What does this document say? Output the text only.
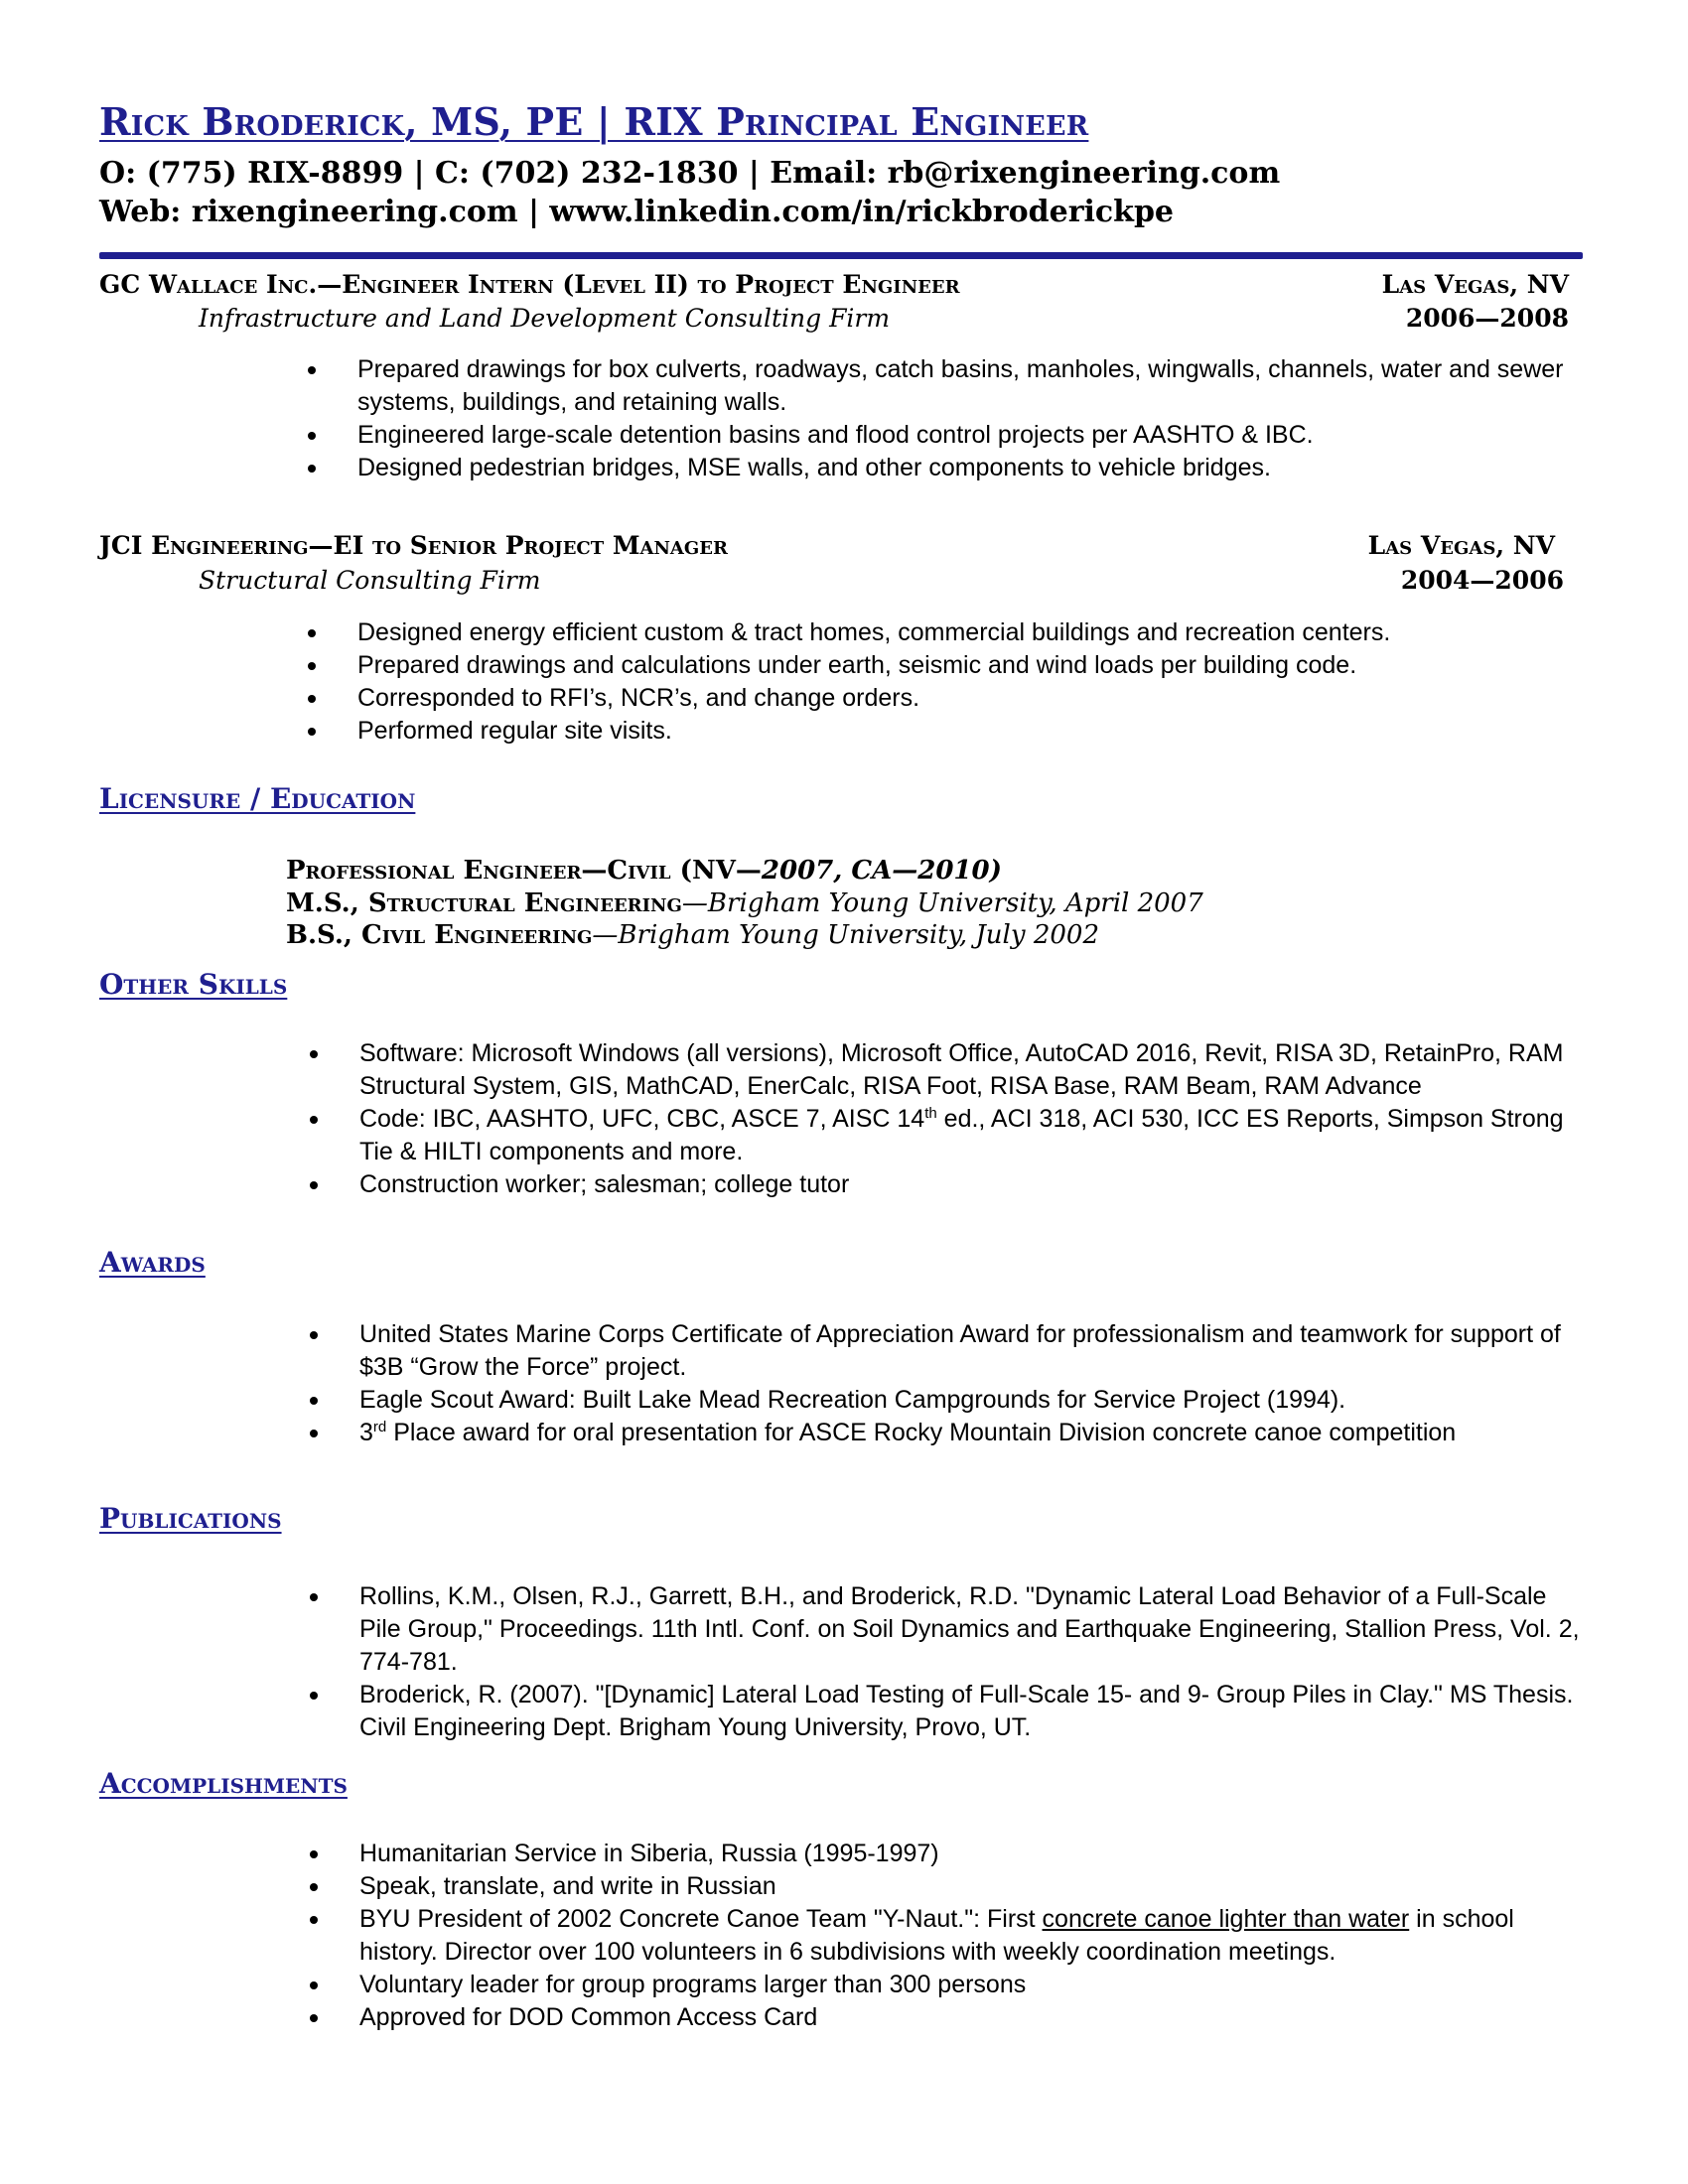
Rick Broderick, MS, PE | RIX Principal Engineer
O: (775) RIX-8899 | C: (702) 232-1830 | Email: rb@rixengineering.com
Web: rixengineering.com | www.linkedin.com/in/rickbroderickpe
GC Wallace Inc.—Engineer Intern (Level II) to Project Engineer	Las Vegas, NV
Infrastructure and Land Development Consulting Firm	2006—2008
Prepared drawings for box culverts, roadways, catch basins, manholes, wingwalls, channels, water and sewer systems, buildings, and retaining walls.
Engineered large-scale detention basins and flood control projects per AASHTO & IBC.
Designed pedestrian bridges, MSE walls, and other components to vehicle bridges.
JCI Engineering—EI to Senior Project Manager	Las Vegas, NV
Structural Consulting Firm	2004—2006
Designed energy efficient custom & tract homes, commercial buildings and recreation centers.
Prepared drawings and calculations under earth, seismic and wind loads per building code.
Corresponded to RFI’s, NCR’s, and change orders.
Performed regular site visits.
Licensure / Education
Professional Engineer—Civil (NV—2007, CA—2010)
M.S., Structural Engineering—Brigham Young University, April 2007
B.S., Civil Engineering—Brigham Young University, July 2002
Other Skills
Software: Microsoft Windows (all versions), Microsoft Office, AutoCAD 2016, Revit, RISA 3D, RetainPro, RAM Structural System, GIS, MathCAD, EnerCalc, RISA Foot, RISA Base, RAM Beam, RAM Advance
Code: IBC, AASHTO, UFC, CBC, ASCE 7, AISC 14th ed., ACI 318, ACI 530, ICC ES Reports, Simpson Strong Tie & HILTI components and more.
Construction worker; salesman; college tutor
Awards
United States Marine Corps Certificate of Appreciation Award for professionalism and teamwork for support of $3B “Grow the Force” project.
Eagle Scout Award: Built Lake Mead Recreation Campgrounds for Service Project (1994).
3rd Place award for oral presentation for ASCE Rocky Mountain Division concrete canoe competition
Publications
Rollins, K.M., Olsen, R.J., Garrett, B.H., and Broderick, R.D. "Dynamic Lateral Load Behavior of a Full-Scale Pile Group," Proceedings. 11th Intl. Conf. on Soil Dynamics and Earthquake Engineering, Stallion Press, Vol. 2, 774-781.
Broderick, R. (2007). "[Dynamic] Lateral Load Testing of Full-Scale 15- and 9- Group Piles in Clay." MS Thesis. Civil Engineering Dept. Brigham Young University, Provo, UT.
Accomplishments
Humanitarian Service in Siberia, Russia (1995-1997)
Speak, translate, and write in Russian
BYU President of 2002 Concrete Canoe Team "Y-Naut.": First concrete canoe lighter than water in school history. Director over 100 volunteers in 6 subdivisions with weekly coordination meetings.
Voluntary leader for group programs larger than 300 persons
Approved for DOD Common Access Card
